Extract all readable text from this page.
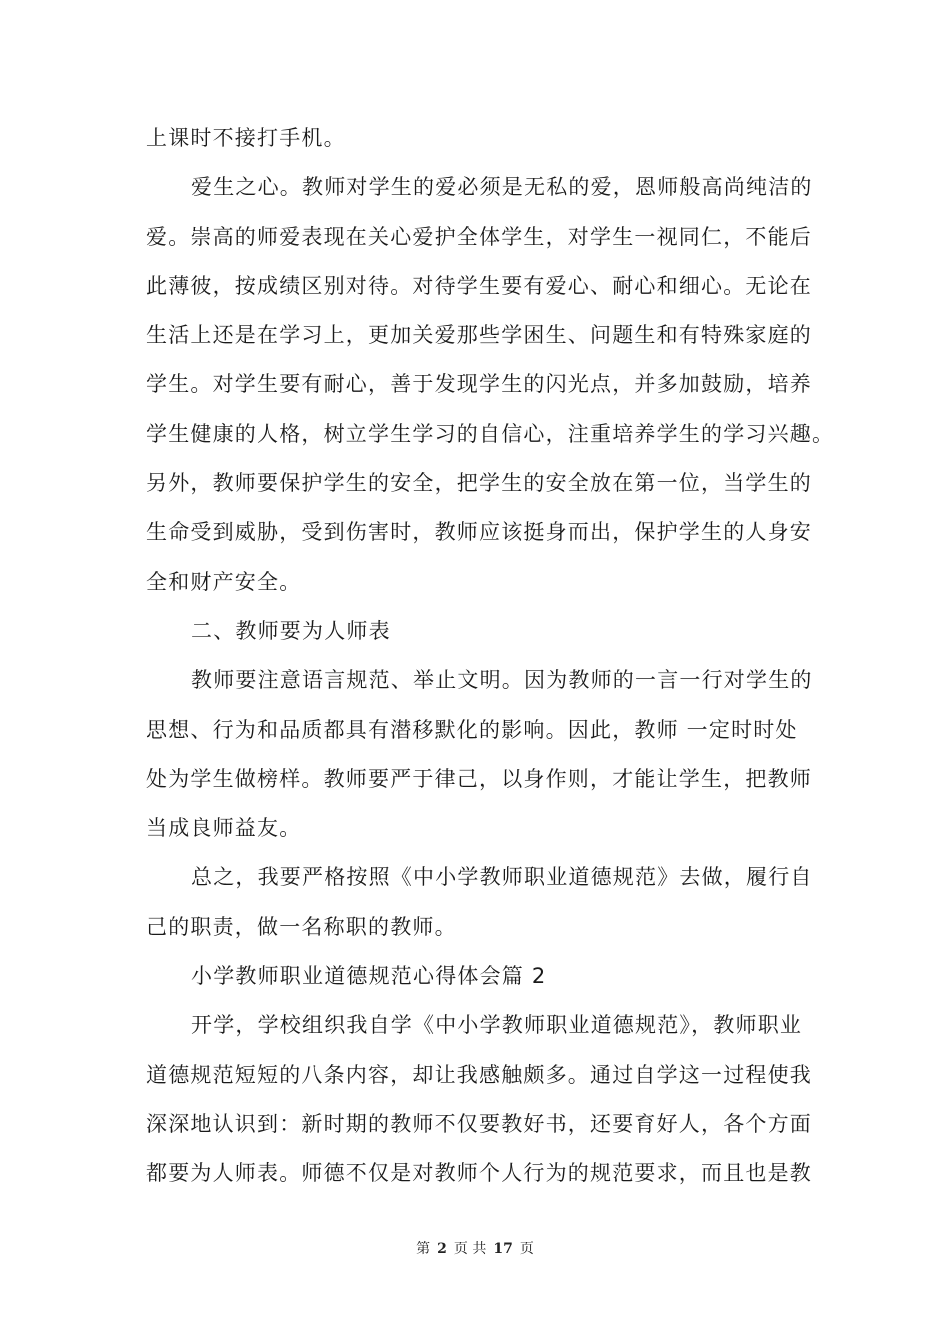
上课时不接打手机。
爱生之心。教师对学生的爱必须是无私的爱，恩师般高尚纯洁的
爱。崇高的师爱表现在关心爱护全体学生，对学生一视同仁，不能后
此薄彼，按成绩区别对待。对待学生要有爱心、耐心和细心。无论在
生活上还是在学习上，更加关爱那些学困生、问题生和有特殊家庭的
学生。对学生要有耐心，善于发现学生的闪光点，并多加鼓励，培养
学生健康的人格，树立学生学习的自信心，注重培养学生的学习兴趣。
另外，教师要保护学生的安全，把学生的安全放在第一位，当学生的
生命受到威胁，受到伤害时，教师应该挺身而出，保护学生的人身安
全和财产安全。
二、教师要为人师表
教师要注意语言规范、举止文明。因为教师的一言一行对学生的
思想、行为和品质都具有潜移默化的影响。因此，教师 一定时时处
处为学生做榜样。教师要严于律己，以身作则，才能让学生，把教师
当成良师益友。
总之，我要严格按照《中小学教师职业道德规范》去做，履行自
己的职责，做一名称职的教师。
小学教师职业道德规范心得体会篇 2
开学，学校组织我自学《中小学教师职业道德规范》，教师职业
道德规范短短的八条内容，却让我感触颇多。通过自学这一过程使我
深深地认识到：新时期的教师不仅要教好书，还要育好人，各个方面
都要为人师表。师德不仅是对教师个人行为的规范要求，而且也是教
第 2 页 共 17 页
